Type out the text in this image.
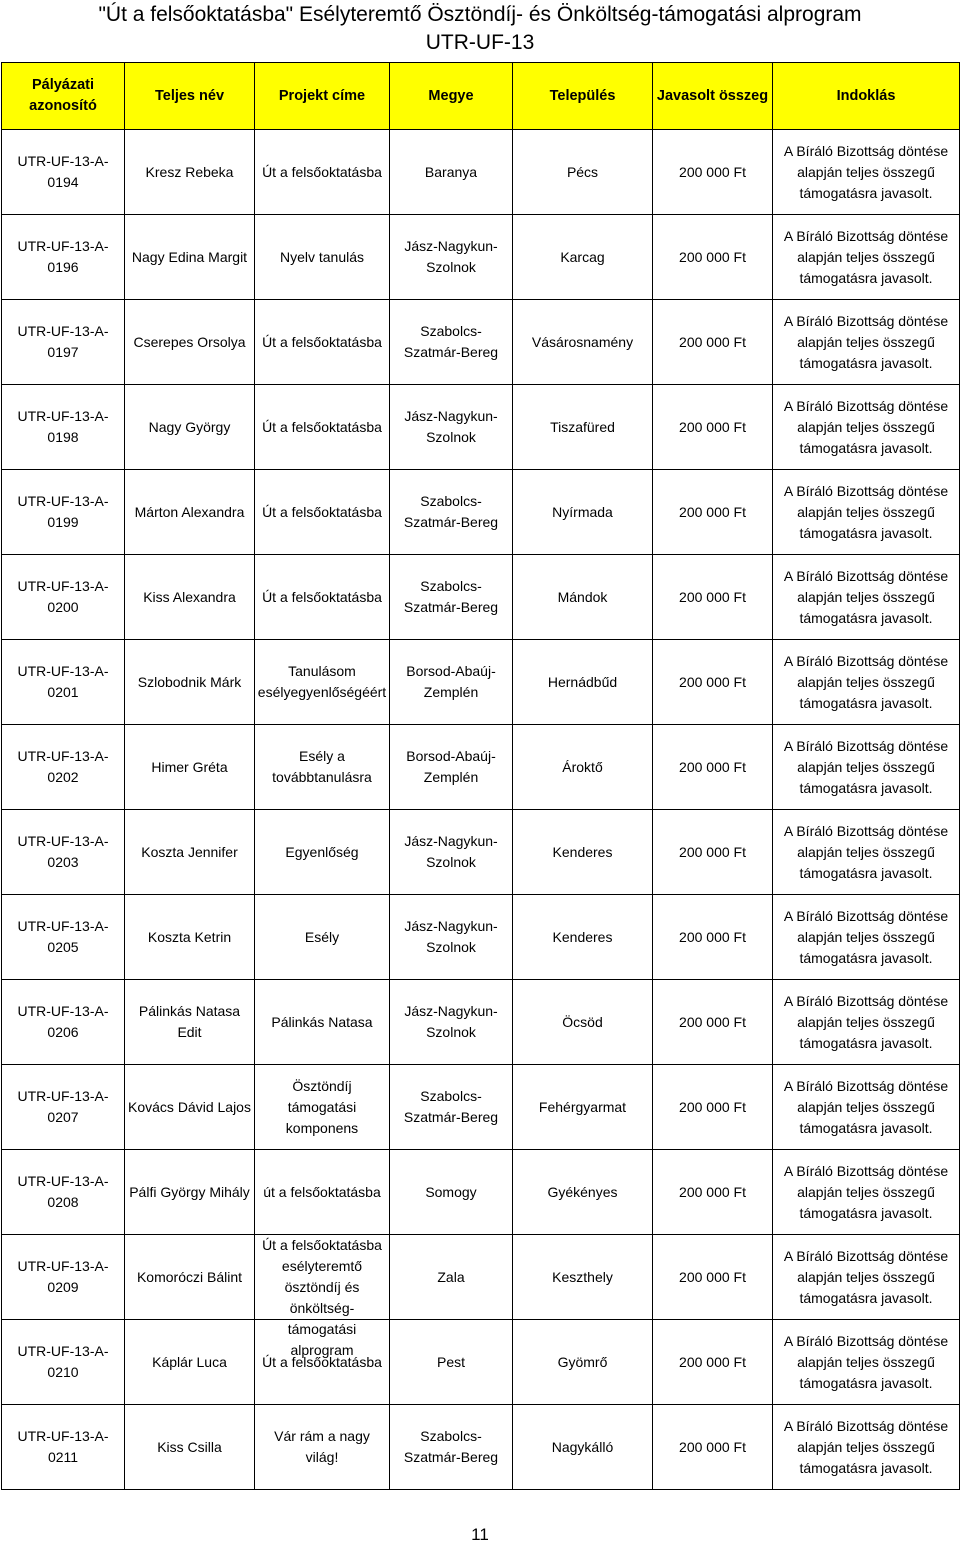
"Út a felsőoktatásba" Esélyteremtő Ösztöndíj- és Önköltség-támogatási alprogram
UTR-UF-13
Pályázati azonosító	Teljes név	Projekt címe	Megye	Település	Javasolt összeg	Indoklás

UTR-UF-13-A-0194	Kresz Rebeka	Út a felsőoktatásba	Baranya	Pécs	200 000 Ft	A Bíráló Bizottság döntése alapján teljes összegű támogatásra javasolt.

UTR-UF-13-A-0196	Nagy Edina Margit	Nyelv tanulás	Jász-Nagykun-Szolnok	Karcag	200 000 Ft	A Bíráló Bizottság döntése alapján teljes összegű támogatásra javasolt.

UTR-UF-13-A-0197	Cserepes Orsolya	Út a felsőoktatásba	Szabolcs-Szatmár-Bereg	Vásárosnamény	200 000 Ft	A Bíráló Bizottság döntése alapján teljes összegű támogatásra javasolt.

UTR-UF-13-A-0198	Nagy György	Út a felsőoktatásba	Jász-Nagykun-Szolnok	Tiszafüred	200 000 Ft	A Bíráló Bizottság döntése alapján teljes összegű támogatásra javasolt.

UTR-UF-13-A-0199	Márton Alexandra	Út a felsőoktatásba	Szabolcs-Szatmár-Bereg	Nyírmada	200 000 Ft	A Bíráló Bizottság döntése alapján teljes összegű támogatásra javasolt.

UTR-UF-13-A-0200	Kiss Alexandra	Út a felsőoktatásba	Szabolcs-Szatmár-Bereg	Mándok	200 000 Ft	A Bíráló Bizottság döntése alapján teljes összegű támogatásra javasolt.

UTR-UF-13-A-0201	Szlobodnik Márk	Tanulásom esélyegyenlőségéért	Borsod-Abaúj-Zemplén	Hernádbűd	200 000 Ft	A Bíráló Bizottság döntése alapján teljes összegű támogatásra javasolt.

UTR-UF-13-A-0202	Himer Gréta	Esély a továbbtanulásra	Borsod-Abaúj-Zemplén	Ároktő	200 000 Ft	A Bíráló Bizottság döntése alapján teljes összegű támogatásra javasolt.

UTR-UF-13-A-0203	Koszta Jennifer	Egyenlőség	Jász-Nagykun-Szolnok	Kenderes	200 000 Ft	A Bíráló Bizottság döntése alapján teljes összegű támogatásra javasolt.

UTR-UF-13-A-0205	Koszta Ketrin	Esély	Jász-Nagykun-Szolnok	Kenderes	200 000 Ft	A Bíráló Bizottság döntése alapján teljes összegű támogatásra javasolt.

UTR-UF-13-A-0206	Pálinkás Natasa Edit	Pálinkás Natasa	Jász-Nagykun-Szolnok	Öcsöd	200 000 Ft	A Bíráló Bizottság döntése alapján teljes összegű támogatásra javasolt.

UTR-UF-13-A-0207	Kovács Dávid Lajos	Ösztöndíj támogatási komponens	Szabolcs-Szatmár-Bereg	Fehérgyarmat	200 000 Ft	A Bíráló Bizottság döntése alapján teljes összegű támogatásra javasolt.

UTR-UF-13-A-0208	Pálfi György Mihály	út a felsőoktatásba	Somogy	Gyékényes	200 000 Ft	A Bíráló Bizottság döntése alapján teljes összegű támogatásra javasolt.

UTR-UF-13-A-0209	Komoróczi Bálint	Út a felsőoktatásba esélyteremtő ösztöndíj és önköltség-támogatási alprogram	Zala	Keszthely	200 000 Ft	A Bíráló Bizottság döntése alapján teljes összegű támogatásra javasolt.

UTR-UF-13-A-0210	Káplár Luca	Út a felsőoktatásba	Pest	Gyömrő	200 000 Ft	A Bíráló Bizottság döntése alapján teljes összegű támogatásra javasolt.

UTR-UF-13-A-0211	Kiss Csilla	Vár rám a nagy világ!	Szabolcs-Szatmár-Bereg	Nagykálló	200 000 Ft	A Bíráló Bizottság döntése alapján teljes összegű támogatásra javasolt.
11
